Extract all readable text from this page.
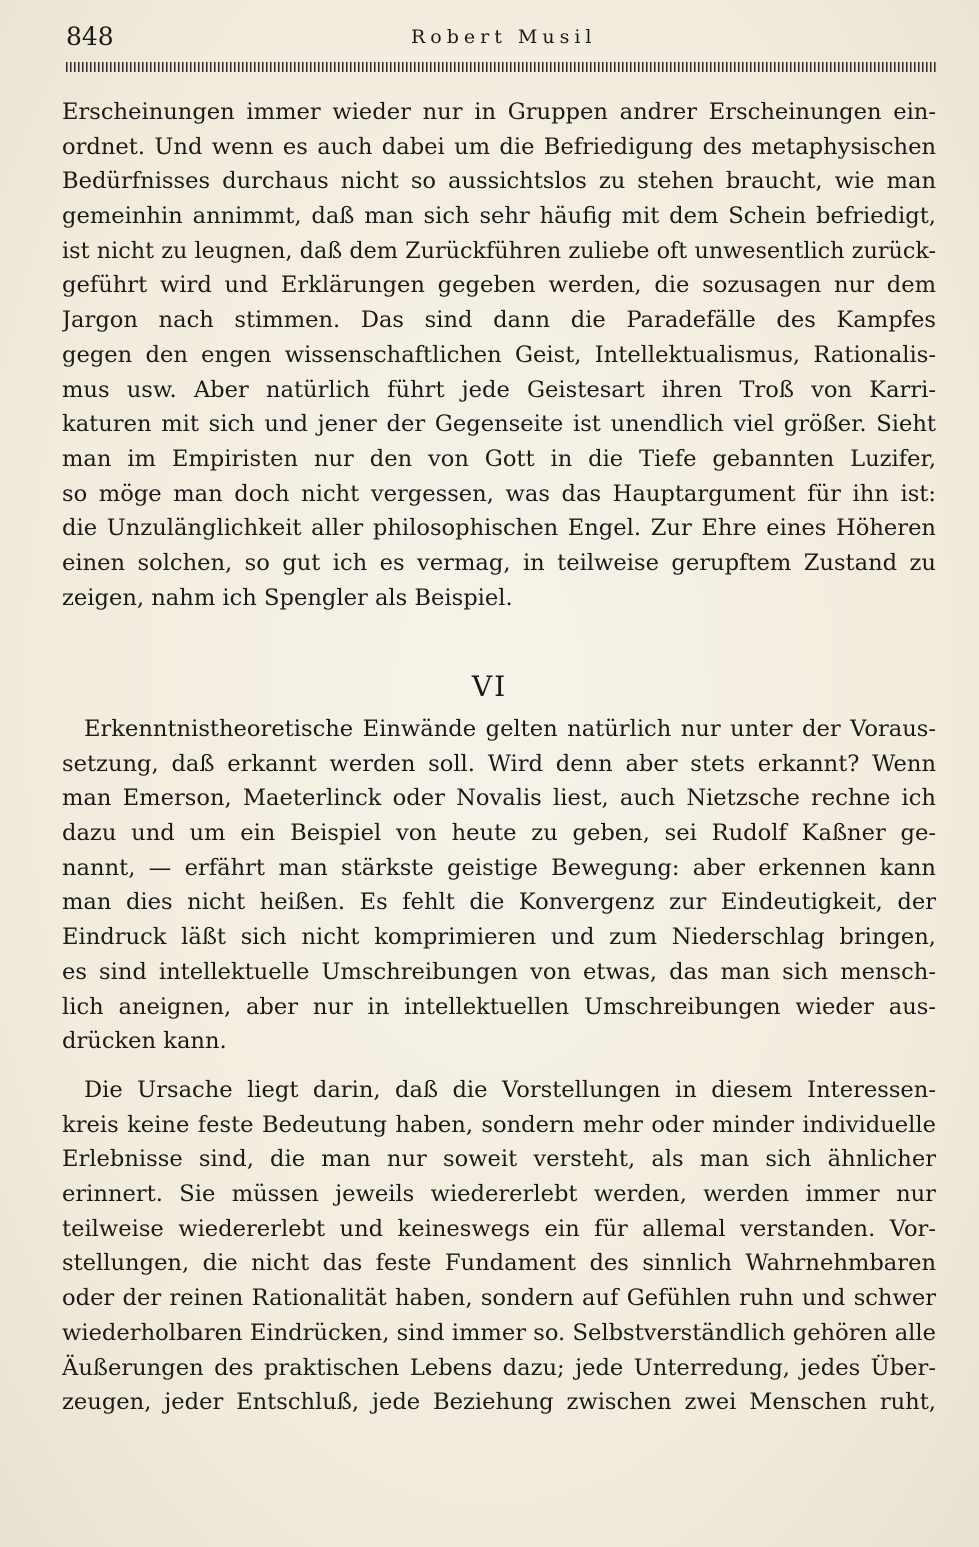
848	Robert Musil
Erscheinungen immer wieder nur in Gruppen andrer Erscheinungen ein-
ordnet. Und wenn es auch dabei um die Befriedigung des metaphysischen
Bedürfnisses durchaus nicht so aussichtslos zu stehen braucht, wie man
gemeinhin annimmt, daß man sich sehr häufig mit dem Schein befriedigt,
ist nicht zu leugnen, daß dem Zurückführen zuliebe oft unwesentlich zurück-
geführt wird und Erklärungen gegeben werden, die sozusagen nur dem
Jargon nach stimmen. Das sind dann die Paradefälle des Kampfes
gegen den engen wissenschaftlichen Geist, Intellektualismus, Rationalis-
mus usw. Aber natürlich führt jede Geistesart ihren Troß von Karri-
katuren mit sich und jener der Gegenseite ist unendlich viel größer. Sieht
man im Empiristen nur den von Gott in die Tiefe gebannten Luzifer,
so möge man doch nicht vergessen, was das Hauptargument für ihn ist:
die Unzulänglichkeit aller philosophischen Engel. Zur Ehre eines Höheren
einen solchen, so gut ich es vermag, in teilweise gerupftem Zustand zu
zeigen, nahm ich Spengler als Beispiel.
VI
Erkenntnistheoretische Einwände gelten natürlich nur unter der Voraus-
setzung, daß erkannt werden soll. Wird denn aber stets erkannt? Wenn
man Emerson, Maeterlinck oder Novalis liest, auch Nietzsche rechne ich
dazu und um ein Beispiel von heute zu geben, sei Rudolf Kaßner ge-
nannt, — erfährt man stärkste geistige Bewegung: aber erkennen kann
man dies nicht heißen. Es fehlt die Konvergenz zur Eindeutigkeit, der
Eindruck läßt sich nicht komprimieren und zum Niederschlag bringen,
es sind intellektuelle Umschreibungen von etwas, das man sich mensch-
lich aneignen, aber nur in intellektuellen Umschreibungen wieder aus-
drücken kann.
Die Ursache liegt darin, daß die Vorstellungen in diesem Interessen-
kreis keine feste Bedeutung haben, sondern mehr oder minder individuelle
Erlebnisse sind, die man nur soweit versteht, als man sich ähnlicher
erinnert. Sie müssen jeweils wiedererlebt werden, werden immer nur
teilweise wiedererlebt und keineswegs ein für allemal verstanden. Vor-
stellungen, die nicht das feste Fundament des sinnlich Wahrnehmbaren
oder der reinen Rationalität haben, sondern auf Gefühlen ruhn und schwer
wiederholbaren Eindrücken, sind immer so. Selbstverständlich gehören alle
Äußerungen des praktischen Lebens dazu; jede Unterredung, jedes Über-
zeugen, jeder Entschluß, jede Beziehung zwischen zwei Menschen ruht,
